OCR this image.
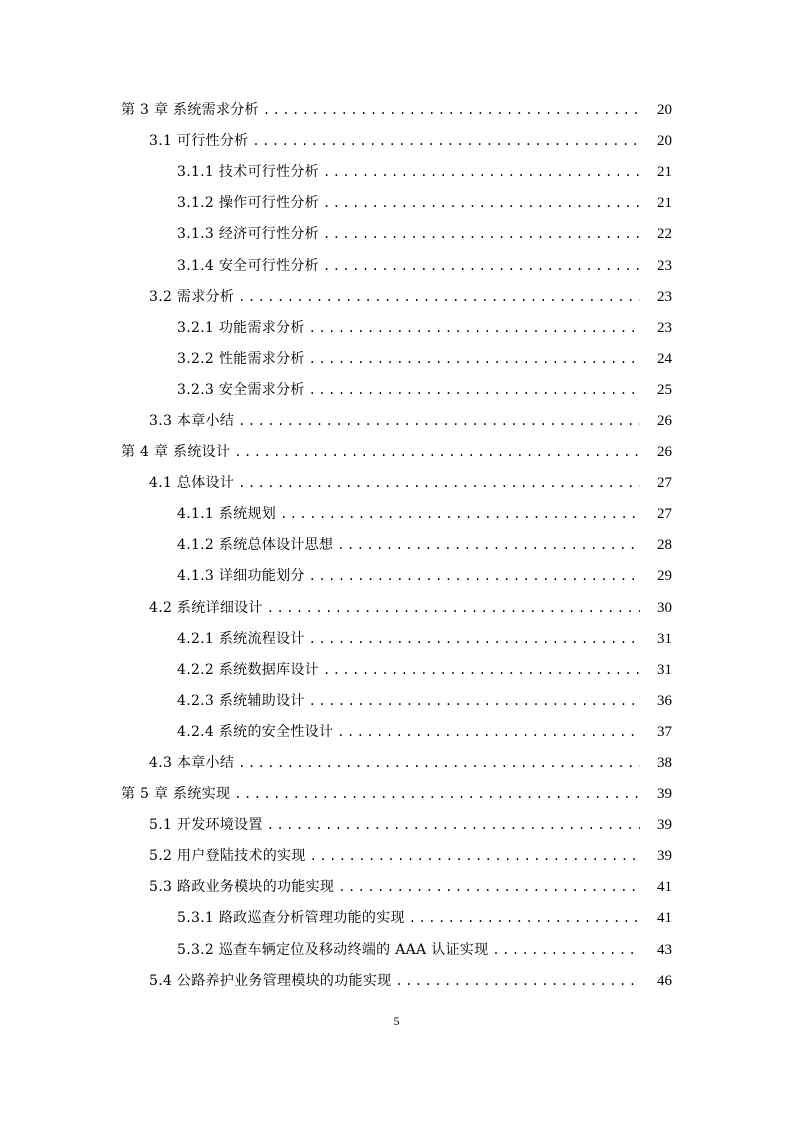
第 3 章 系统需求分析 .....	20
3.1 可行性分析 .....	20
3.1.1 技术可行性分析 .....	21
3.1.2 操作可行性分析 .....	21
3.1.3 经济可行性分析 .....	22
3.1.4 安全可行性分析 .....	23
3.2 需求分析 .....	23
3.2.1 功能需求分析 .....	23
3.2.2 性能需求分析 .....	24
3.2.3 安全需求分析 .....	25
3.3 本章小结 .....	26
第 4 章 系统设计 .....	26
4.1 总体设计 .....	27
4.1.1 系统规划 .....	27
4.1.2 系统总体设计思想 .....	28
4.1.3 详细功能划分 .....	29
4.2 系统详细设计 .....	30
4.2.1 系统流程设计 .....	31
4.2.2 系统数据库设计 .....	31
4.2.3 系统辅助设计 .....	36
4.2.4 系统的安全性设计 .....	37
4.3 本章小结 .....	38
第 5 章 系统实现 .....	39
5.1 开发环境设置 .....	39
5.2 用户登陆技术的实现 .....	39
5.3 路政业务模块的功能实现 .....	41
5.3.1 路政巡查分析管理功能的实现 .....	41
5.3.2 巡查车辆定位及移动终端的 AAA 认证实现 .....	43
5.4 公路养护业务管理模块的功能实现 .....	46
5
